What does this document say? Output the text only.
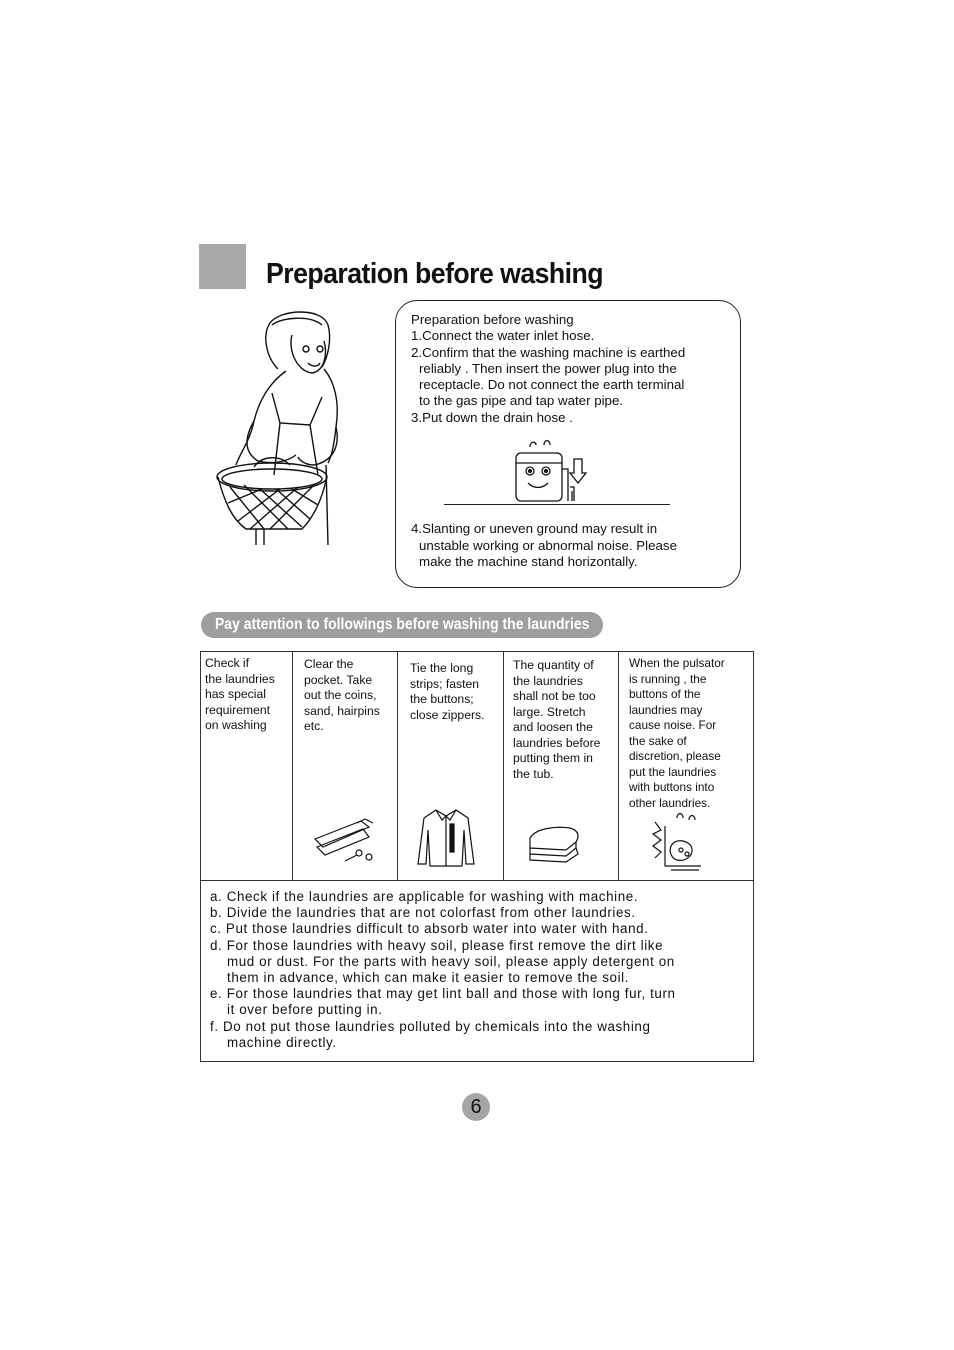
Preparation before washing
Preparation before washing
1.Connect the water inlet hose.
2.Confirm that the washing machine is earthed
reliably . Then insert the power plug into the
receptacle. Do not connect the earth terminal
to the gas pipe and tap water pipe.
3.Put down the drain hose .
4.Slanting or uneven ground may result in
unstable working or abnormal noise. Please
make the machine stand horizontally.
Pay attention to followings before washing the laundries
Check if
the laundries
has special
requirement
on washing
Clear the
pocket. Take
out the coins,
sand, hairpins
etc.
Tie the long
strips; fasten
the buttons;
close zippers.
The quantity of
the laundries
shall not be too
large. Stretch
and loosen the
laundries before
putting them in
the tub.
When the pulsator
is running , the
buttons of the
laundries may
cause noise. For
the sake of
discretion, please
put the laundries
with buttons into
other laundries.
a. Check if the laundries are applicable for washing with machine.
b. Divide the laundries that are not colorfast from other laundries.
c. Put those laundries difficult to absorb water into water with hand.
d. For those laundries with heavy soil, please first remove the dirt like
mud or dust. For the parts with heavy soil, please apply detergent on
them in advance, which can make it easier to remove the soil.
e. For those laundries that may get lint ball and those with long fur, turn
it over before putting in.
f. Do not put those laundries polluted by chemicals into the washing
machine directly.
6
